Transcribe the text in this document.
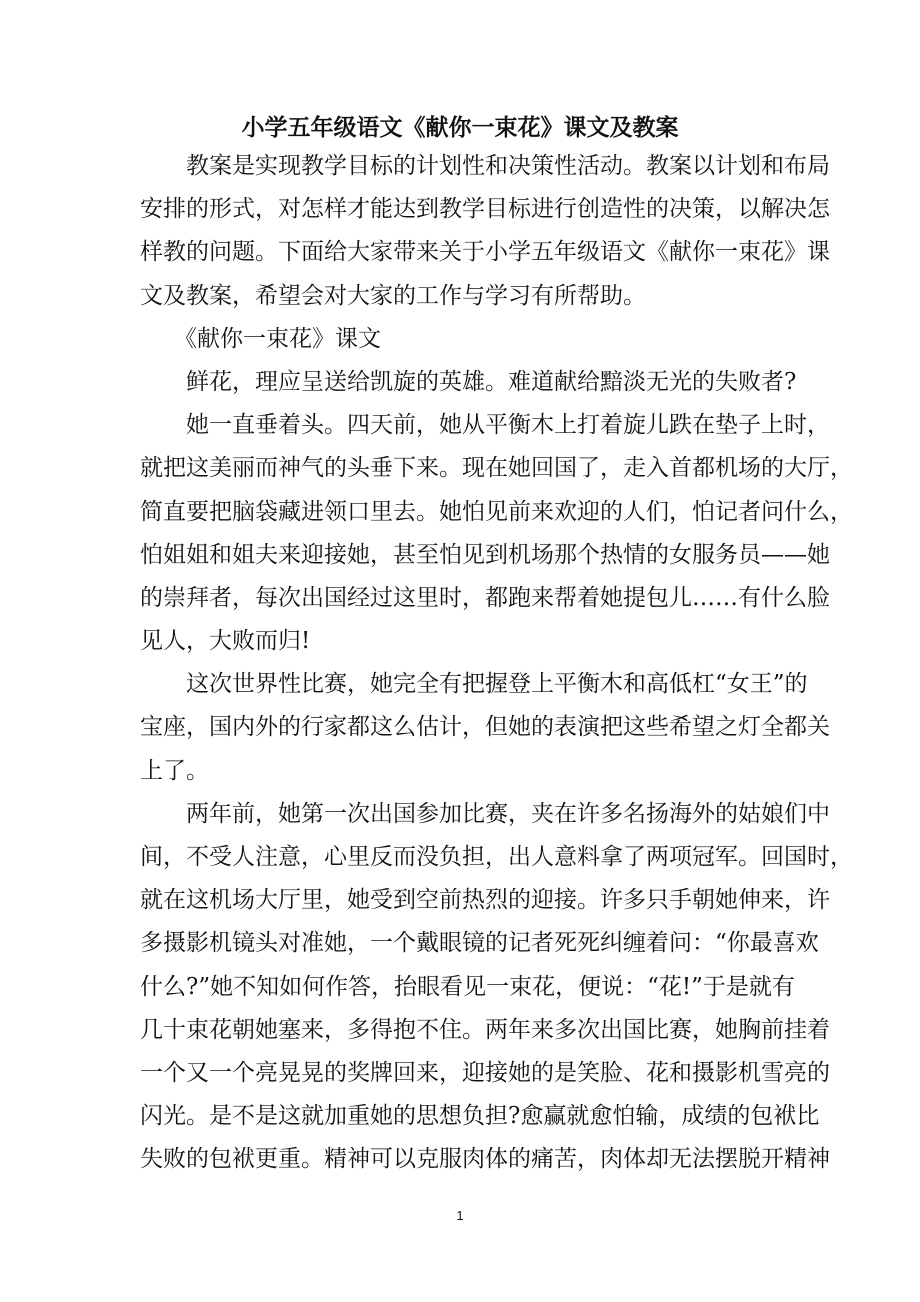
小学五年级语文《献你一束花》课文及教案
教案是实现教学目标的计划性和决策性活动。教案以计划和布局
安排的形式，对怎样才能达到教学目标进行创造性的决策，以解决怎
样教的问题。下面给大家带来关于小学五年级语文《献你一束花》课
文及教案，希望会对大家的工作与学习有所帮助。
《献你一束花》课文
鲜花，理应呈送给凯旋的英雄。难道献给黯淡无光的失败者?
她一直垂着头。四天前，她从平衡木上打着旋儿跌在垫子上时，
就把这美丽而神气的头垂下来。现在她回国了，走入首都机场的大厅，
简直要把脑袋藏进领口里去。她怕见前来欢迎的人们，怕记者问什么，
怕姐姐和姐夫来迎接她，甚至怕见到机场那个热情的女服务员——她
的崇拜者，每次出国经过这里时，都跑来帮着她提包儿……有什么脸
见人，大败而归!
这次世界性比赛，她完全有把握登上平衡木和高低杠“女王”的
宝座，国内外的行家都这么估计，但她的表演把这些希望之灯全都关
上了。
两年前，她第一次出国参加比赛，夹在许多名扬海外的姑娘们中
间，不受人注意，心里反而没负担，出人意料拿了两项冠军。回国时，
就在这机场大厅里，她受到空前热烈的迎接。许多只手朝她伸来，许
多摄影机镜头对准她，一个戴眼镜的记者死死纠缠着问：“你最喜欢
什么?”她不知如何作答，抬眼看见一束花，便说：“花!”于是就有
几十束花朝她塞来，多得抱不住。两年来多次出国比赛，她胸前挂着
一个又一个亮晃晃的奖牌回来，迎接她的是笑脸、花和摄影机雪亮的
闪光。是不是这就加重她的思想负担?愈赢就愈怕输，成绩的包袱比
失败的包袱更重。精神可以克服肉体的痛苦，肉体却无法摆脱开精神
1
